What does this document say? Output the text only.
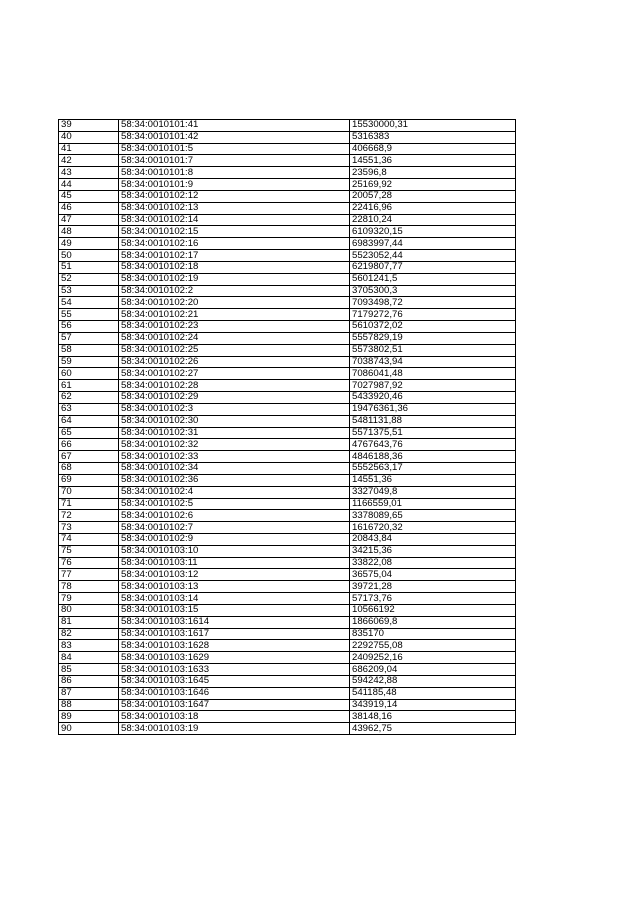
39	58:34:0010101:41	15530000,31
40	58:34:0010101:42	5316383
41	58:34:0010101:5	406668,9
42	58:34:0010101:7	14551,36
43	58:34:0010101:8	23596,8
44	58:34:0010101:9	25169,92
45	58:34:0010102:12	20057,28
46	58:34:0010102:13	22416,96
47	58:34:0010102:14	22810,24
48	58:34:0010102:15	6109320,15
49	58:34:0010102:16	6983997,44
50	58:34:0010102:17	5523052,44
51	58:34:0010102:18	6219807,77
52	58:34:0010102:19	5601241,5
53	58:34:0010102:2	3705300,3
54	58:34:0010102:20	7093498,72
55	58:34:0010102:21	7179272,76
56	58:34:0010102:23	5610372,02
57	58:34:0010102:24	5557829,19
58	58:34:0010102:25	5573802,51
59	58:34:0010102:26	7038743,94
60	58:34:0010102:27	7086041,48
61	58:34:0010102:28	7027987,92
62	58:34:0010102:29	5433920,46
63	58:34:0010102:3	19476361,36
64	58:34:0010102:30	5481131,88
65	58:34:0010102:31	5571375,51
66	58:34:0010102:32	4767643,76
67	58:34:0010102:33	4846188,36
68	58:34:0010102:34	5552563,17
69	58:34:0010102:36	14551,36
70	58:34:0010102:4	3327049,8
71	58:34:0010102:5	1166559,01
72	58:34:0010102:6	3378089,65
73	58:34:0010102:7	1616720,32
74	58:34:0010102:9	20843,84
75	58:34:0010103:10	34215,36
76	58:34:0010103:11	33822,08
77	58:34:0010103:12	36575,04
78	58:34:0010103:13	39721,28
79	58:34:0010103:14	57173,76
80	58:34:0010103:15	10566192
81	58:34:0010103:1614	1866069,8
82	58:34:0010103:1617	835170
83	58:34:0010103:1628	2292755,08
84	58:34:0010103:1629	2409252,16
85	58:34:0010103:1633	686209,04
86	58:34:0010103:1645	594242,88
87	58:34:0010103:1646	541185,48
88	58:34:0010103:1647	343919,14
89	58:34:0010103:18	38148,16
90	58:34:0010103:19	43962,75
